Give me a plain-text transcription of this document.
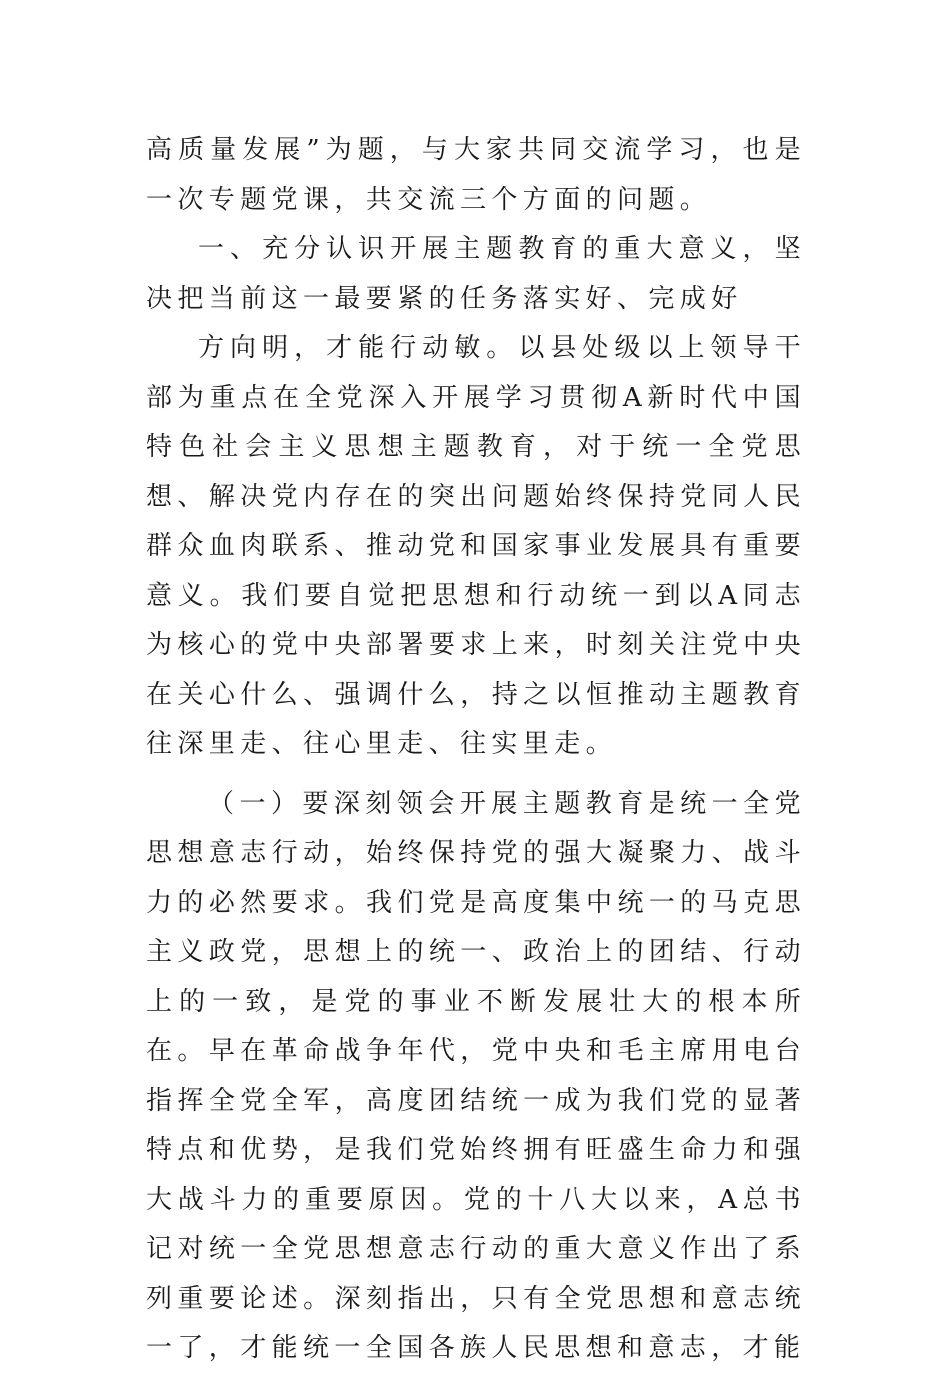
高质量发展”为题，与大家共同交流学习，也是一次专题党课，共交流三个方面的问题。

一、充分认识开展主题教育的重大意义，坚决把当前这一最要紧的任务落实好、完成好

方向明，才能行动敏。以县处级以上领导干部为重点在全党深入开展学习贯彻A新时代中国特色社会主义思想主题教育，对于统一全党思想、解决党内存在的突出问题始终保持党同人民群众血肉联系、推动党和国家事业发展具有重要意义。我们要自觉把思想和行动统一到以A同志为核心的党中央部署要求上来，时刻关注党中央在关心什么、强调什么，持之以恒推动主题教育往深里走、往心里走、往实里走。

（一）要深刻领会开展主题教育是统一全党思想意志行动，始终保持党的强大凝聚力、战斗力的必然要求。我们党是高度集中统一的马克思主义政党，思想上的统一、政治上的团结、行动上的一致，是党的事业不断发展壮大的根本所在。早在革命战争年代，党中央和毛主席用电台指挥全党全军，高度团结统一成为我们党的显著特点和优势，是我们党始终拥有旺盛生命力和强大战斗力的重要原因。党的十八大以来，A总书记对统一全党思想意志行动的重大意义作出了系列重要论述。深刻指出，只有全党思想和意志统一了，才能统一全国各族人民思想和意志，才能
